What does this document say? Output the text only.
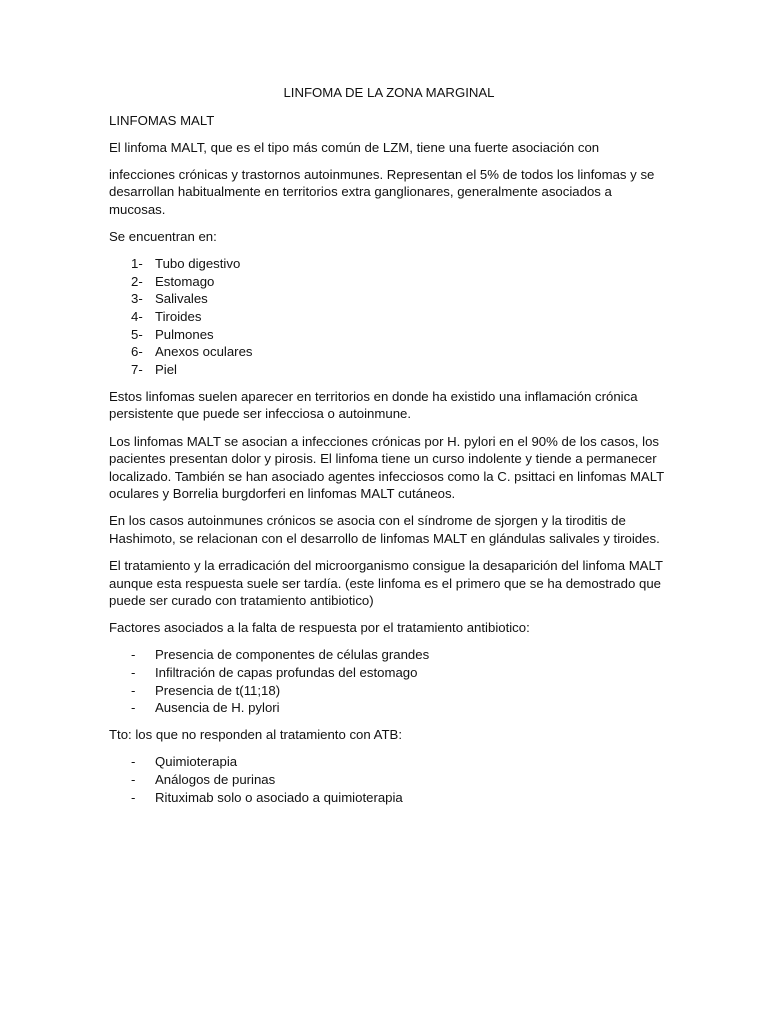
LINFOMA DE LA ZONA MARGINAL

LINFOMAS MALT

El linfoma MALT, que es el tipo más común de LZM, tiene una fuerte asociación con

infecciones crónicas y trastornos autoinmunes. Representan el 5% de todos los linfomas y se desarrollan habitualmente en territorios extra ganglionares, generalmente asociados a mucosas.

Se encuentran en:

1- Tubo digestivo
2- Estomago
3- Salivales
4- Tiroides
5- Pulmones
6- Anexos oculares
7- Piel

Estos linfomas suelen aparecer en territorios en donde ha existido una inflamación crónica persistente que puede ser infecciosa o autoinmune.

Los linfomas MALT se asocian a infecciones crónicas por H. pylori en el 90% de los casos, los pacientes presentan dolor y pirosis. El linfoma tiene un curso indolente y tiende a permanecer localizado. También se han asociado agentes infecciosos como la C. psittaci en linfomas MALT oculares y Borrelia burgdorferi en linfomas MALT cutáneos.

En los casos autoinmunes crónicos se asocia con el síndrome de sjorgen y la tiroditis de Hashimoto, se relacionan con el desarrollo de linfomas MALT en glándulas salivales y tiroides.

El tratamiento y la erradicación del microorganismo consigue la desaparición del linfoma MALT aunque esta respuesta suele ser tardía. (este linfoma es el primero que se ha demostrado que puede ser curado con tratamiento antibiotico)

Factores asociados a la falta de respuesta por el tratamiento antibiotico:

-	Presencia de componentes de células grandes
-	Infiltración de capas profundas del estomago
-	Presencia de t(11;18)
-	Ausencia de H. pylori

Tto: los que no responden al tratamiento con ATB:

-	Quimioterapia
-	Análogos de purinas
-	Rituximab solo o asociado a quimioterapia
